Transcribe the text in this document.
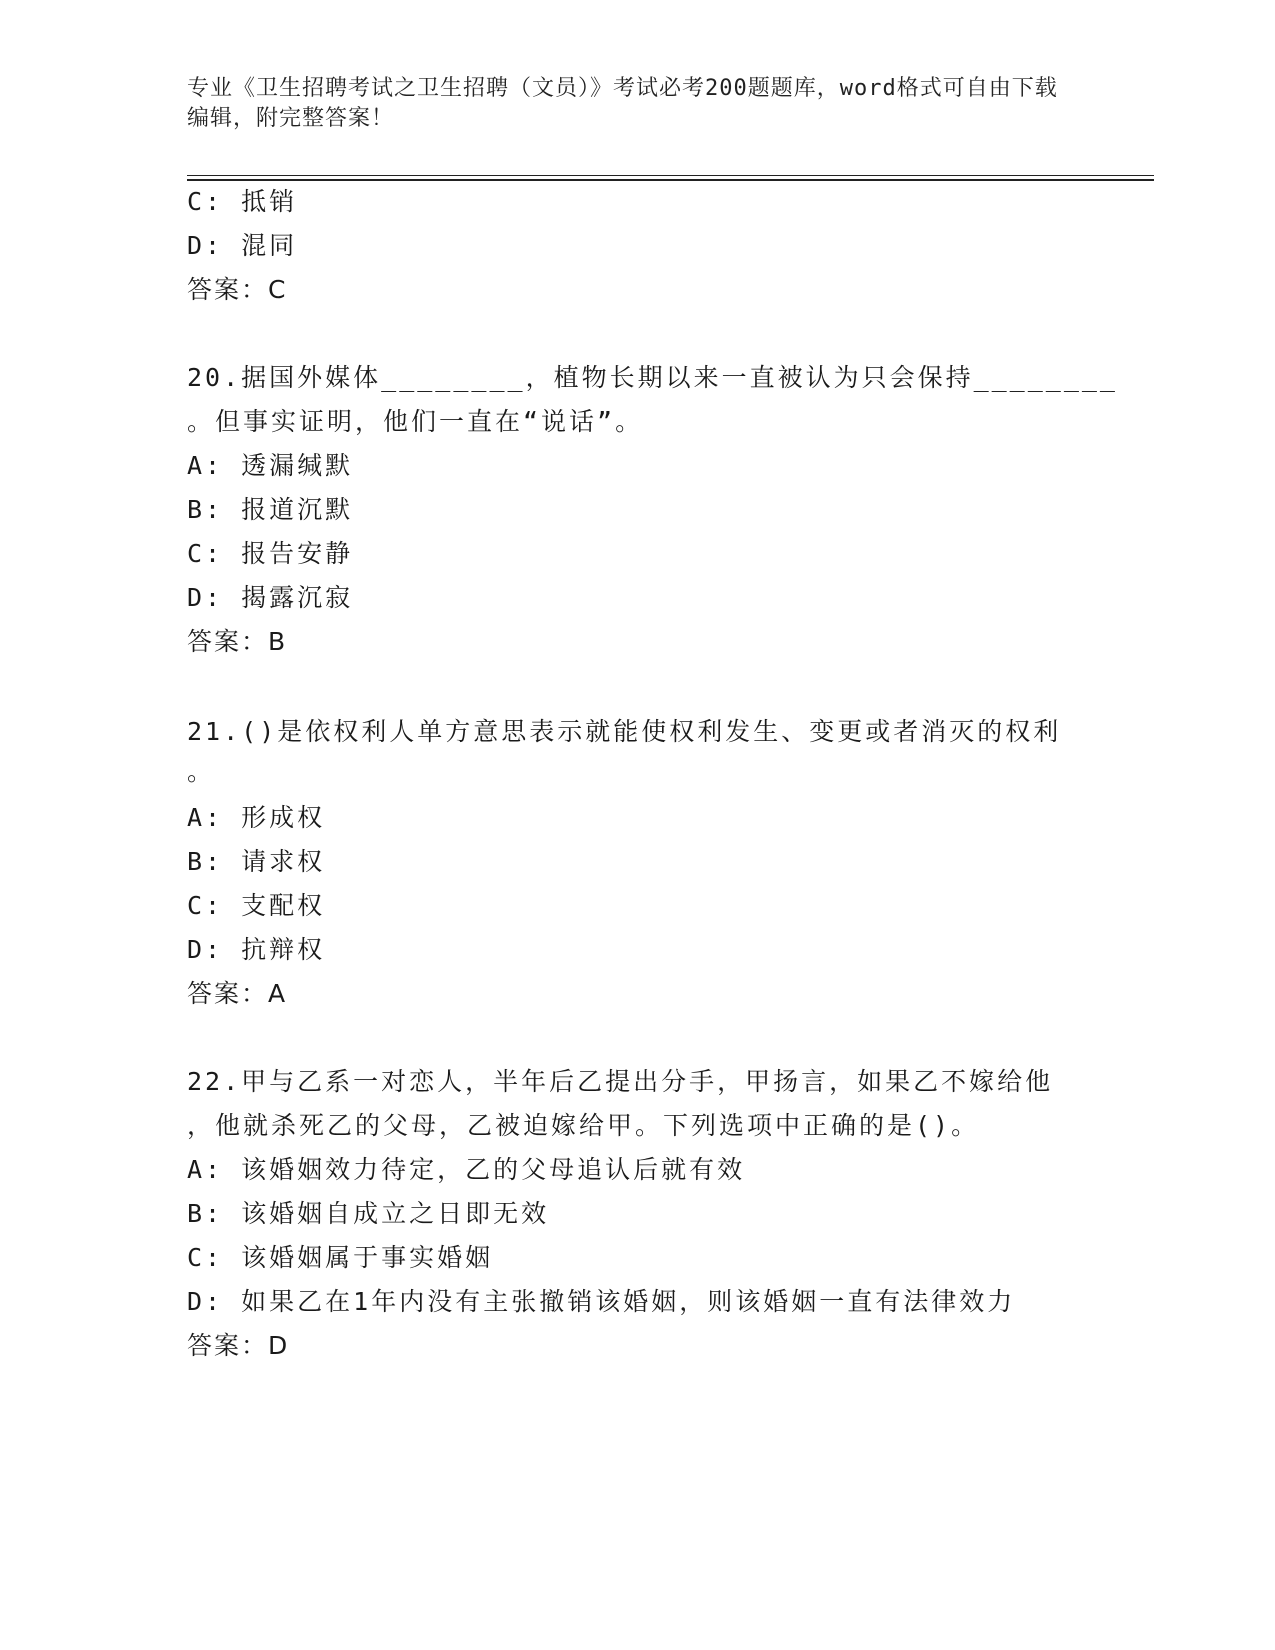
专业《卫生招聘考试之卫生招聘（文员）》考试必考200题题库，word格式可自由下载编辑，附完整答案！
C: 抵销
D: 混同
答案：C
20.据国外媒体________，植物长期以来一直被认为只会保持________
。但事实证明，他们一直在“说话”。
A: 透漏缄默
B: 报道沉默
C: 报告安静
D: 揭露沉寂
答案：B
21.()是依权利人单方意思表示就能使权利发生、变更或者消灭的权利
。
A: 形成权
B: 请求权
C: 支配权
D: 抗辩权
答案：A
22.甲与乙系一对恋人，半年后乙提出分手，甲扬言，如果乙不嫁给他
，他就杀死乙的父母，乙被迫嫁给甲。下列选项中正确的是()。
A: 该婚姻效力待定，乙的父母追认后就有效
B: 该婚姻自成立之日即无效
C: 该婚姻属于事实婚姻
D: 如果乙在1年内没有主张撤销该婚姻，则该婚姻一直有法律效力
答案：D
